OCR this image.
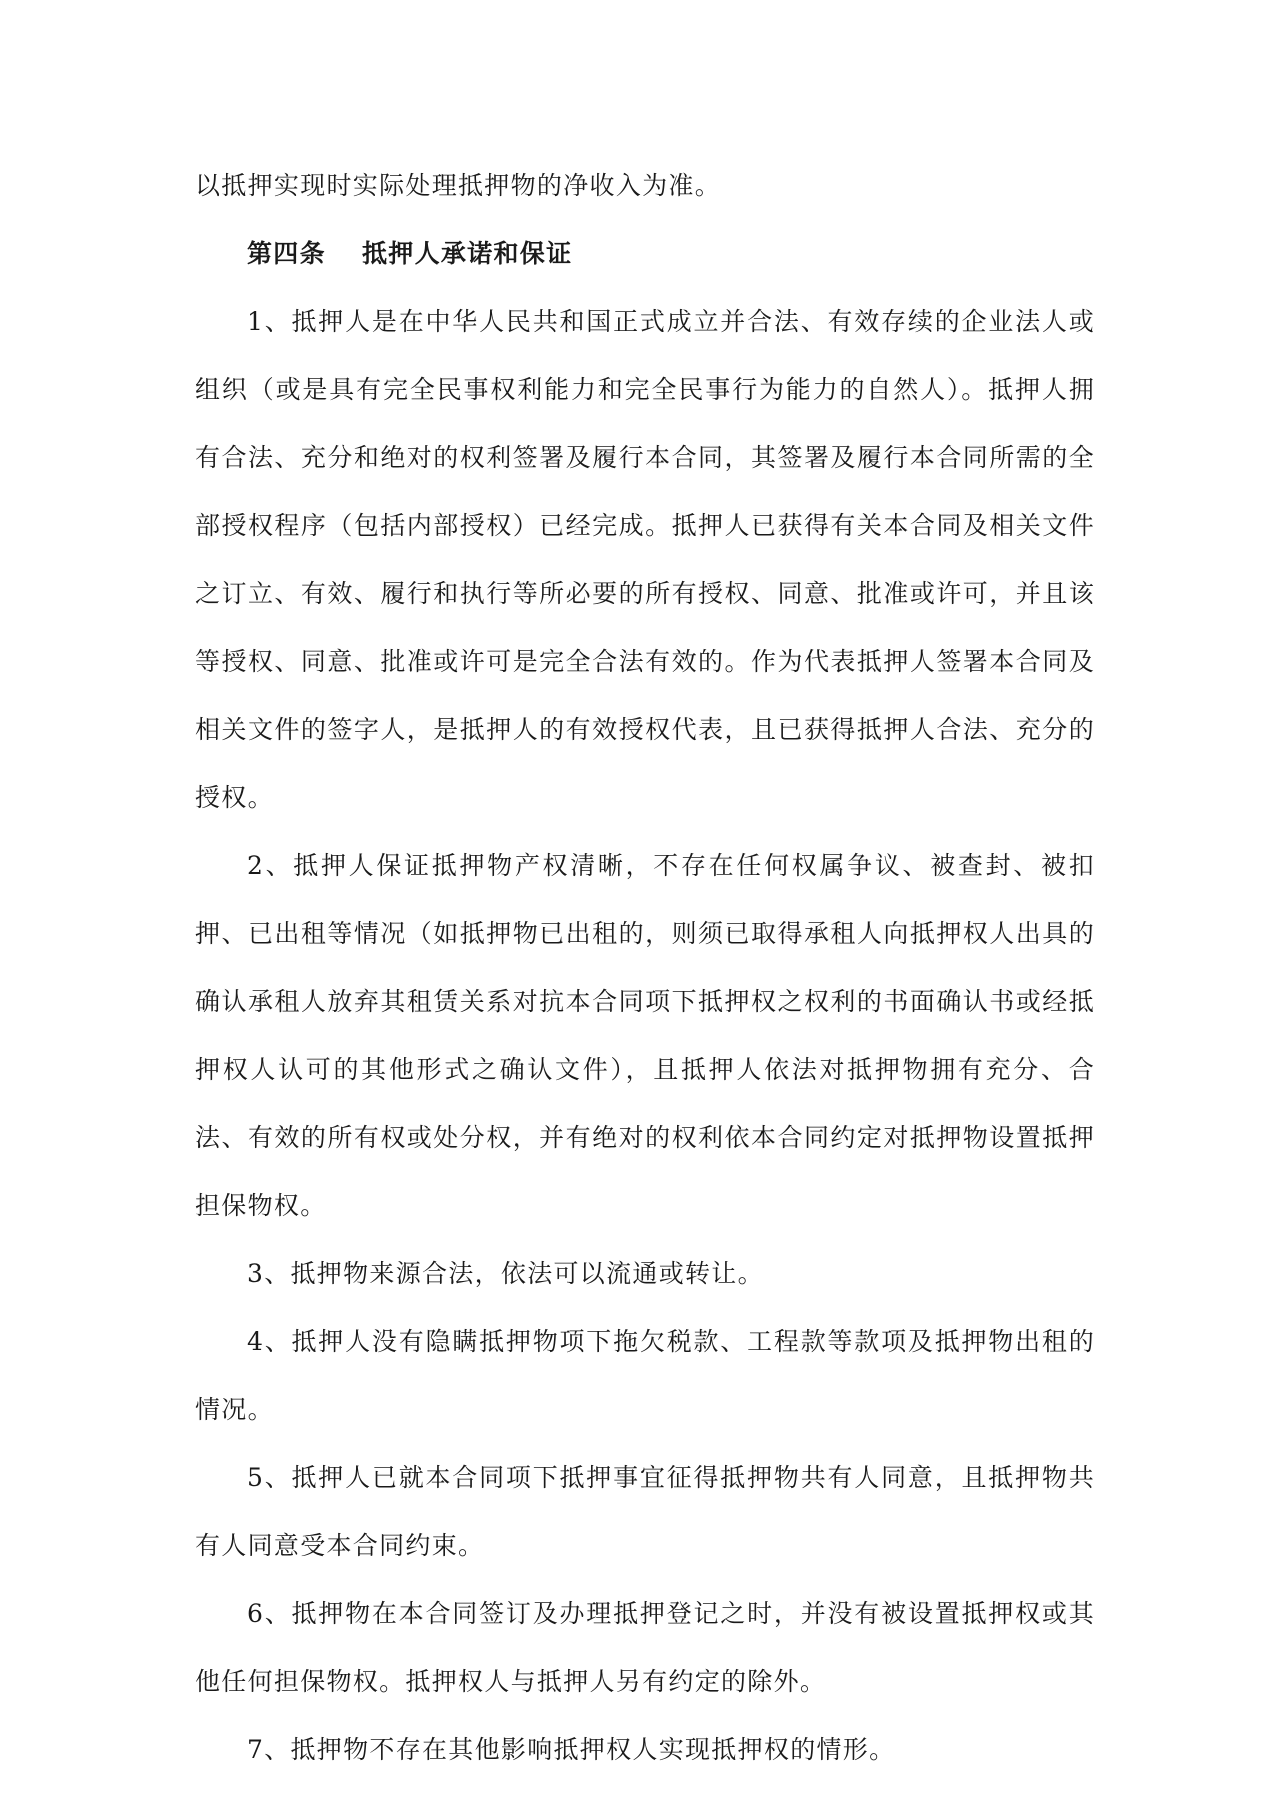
以抵押实现时实际处理抵押物的净收入为准。

第四条 抵押人承诺和保证

1、抵押人是在中华人民共和国正式成立并合法、有效存续的企业法人或组织（或是具有完全民事权利能力和完全民事行为能力的自然人）。抵押人拥有合法、充分和绝对的权利签署及履行本合同，其签署及履行本合同所需的全部授权程序（包括内部授权）已经完成。抵押人已获得有关本合同及相关文件之订立、有效、履行和执行等所必要的所有授权、同意、批准或许可，并且该等授权、同意、批准或许可是完全合法有效的。作为代表抵押人签署本合同及相关文件的签字人，是抵押人的有效授权代表，且已获得抵押人合法、充分的授权。

2、抵押人保证抵押物产权清晰，不存在任何权属争议、被查封、被扣押、已出租等情况（如抵押物已出租的，则须已取得承租人向抵押权人出具的确认承租人放弃其租赁关系对抗本合同项下抵押权之权利的书面确认书或经抵押权人认可的其他形式之确认文件），且抵押人依法对抵押物拥有充分、合法、有效的所有权或处分权，并有绝对的权利依本合同约定对抵押物设置抵押担保物权。

3、抵押物来源合法，依法可以流通或转让。

4、抵押人没有隐瞒抵押物项下拖欠税款、工程款等款项及抵押物出租的情况。

5、抵押人已就本合同项下抵押事宜征得抵押物共有人同意，且抵押物共有人同意受本合同约束。

6、抵押物在本合同签订及办理抵押登记之时，并没有被设置抵押权或其他任何担保物权。抵押权人与抵押人另有约定的除外。

7、抵押物不存在其他影响抵押权人实现抵押权的情形。
